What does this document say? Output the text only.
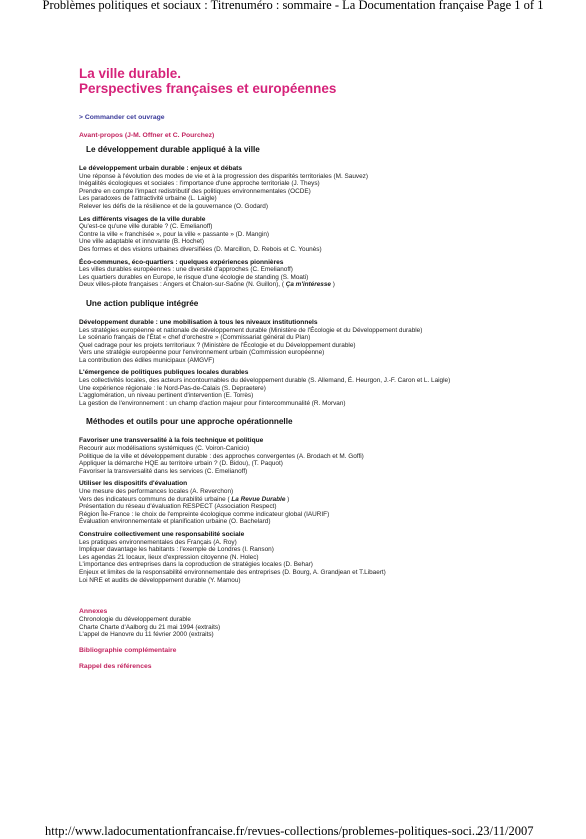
Problèmes politiques et sociaux : Titrenuméro : sommaire - La Documentation française Page 1 of 1
La ville durable.
Perspectives françaises et européennes
> Commander cet ouvrage
Avant-propos (J-M. Offner et C. Pourchez)
Le développement durable appliqué à la ville
Le développement urbain durable : enjeux et débats
Une réponse à l'évolution des modes de vie et à la progression des disparités territoriales (M. Sauvez)
Inégalités écologiques et sociales : l'importance d'une approche territoriale (J. Theys)
Prendre en compte l'impact redistributif des politiques environnementales (OCDE)
Les paradoxes de l'attractivité urbaine (L. Laigle)
Relever les défis de la résilience et de la gouvernance (O. Godard)
Les différents visages de la ville durable
Qu'est-ce qu'une ville durable ? (C. Emelianoff)
Contre la ville « franchisée », pour la ville « passante » (D. Mangin)
Une ville adaptable et innovante (B. Hochet)
Des formes et des visions urbaines diversifiées (D. Marcillon, D. Rebois et C. Younès)
Éco-communes, éco-quartiers : quelques expériences pionnières
Les villes durables européennes : une diversité d'approches (C. Emelianoff)
Les quartiers durables en Europe, le risque d'une écologie de standing (S. Moati)
Deux villes-pilote françaises : Angers et Chalon-sur-Saône (N. Guillon), ( Ça m'intéresse )
Une action publique intégrée
Développement durable : une mobilisation à tous les niveaux institutionnels
Les stratégies européenne et nationale de développement durable (Ministère de l'Écologie et du Développement durable)
Le scénario français de l'État « chef d'orchestre » (Commissariat général du Plan)
Quel cadrage pour les projets territoriaux ? (Ministère de l'Écologie et du Développement durable)
Vers une stratégie européenne pour l'environnement urbain (Commission européenne)
La contribution des édiles municipaux (AMGVF)
L'émergence de politiques publiques locales durables
Les collectivités locales, des acteurs incontournables du développement durable (S. Allemand, É. Heurgon, J.-F. Caron et L. Laigle)
Une expérience régionale : le Nord-Pas-de-Calais (S. Depraetere)
L'agglomération, un niveau pertinent d'intervention (E. Torrès)
La gestion de l'environnement : un champ d'action majeur pour l'intercommunalité (R. Morvan)
Méthodes et outils pour une approche opérationnelle
Favoriser une transversalité à la fois technique et politique
Recourir aux modélisations systémiques (C. Voiron-Canicio)
Politique de la ville et développement durable : des approches convergentes (A. Brodach et M. Goffi)
Appliquer la démarche HQE au territoire urbain ? (D. Bidou), (T. Paquot)
Favoriser la transversalité dans les services (C. Emelianoff)
Utiliser les dispositifs d'évaluation
Une mesure des performances locales (A. Reverchon)
Vers des indicateurs communs de durabilité urbaine ( La Revue Durable )
Présentation du réseau d'évaluation RESPECT (Association Respect)
Région Île-France : le choix de l'empreinte écologique comme indicateur global (IAURIF)
Évaluation environnementale et planification urbaine (O. Bachelard)
Construire collectivement une responsabilité sociale
Les pratiques environnementales des Français (A. Roy)
Impliquer davantage les habitants : l'exemple de Londres (I. Ranson)
Les agendas 21 locaux, lieux d'expression citoyenne (N. Holec)
L'importance des entreprises dans la coproduction de stratégies locales (D. Behar)
Enjeux et limites de la responsabilité environnementale des entreprises (D. Bourg, A. Grandjean et T.Libaert)
Loi NRE et audits de développement durable (Y. Mamou)
Annexes
Chronologie du développement durable
Charte Charte d'Aalborg du 21 mai 1994 (extraits)
L'appel de Hanovre du 11 février 2000 (extraits)
Bibliographie complémentaire
Rappel des références
http://www.ladocumentationfrancaise.fr/revues-collections/problemes-politiques-soci...
23/11/2007
